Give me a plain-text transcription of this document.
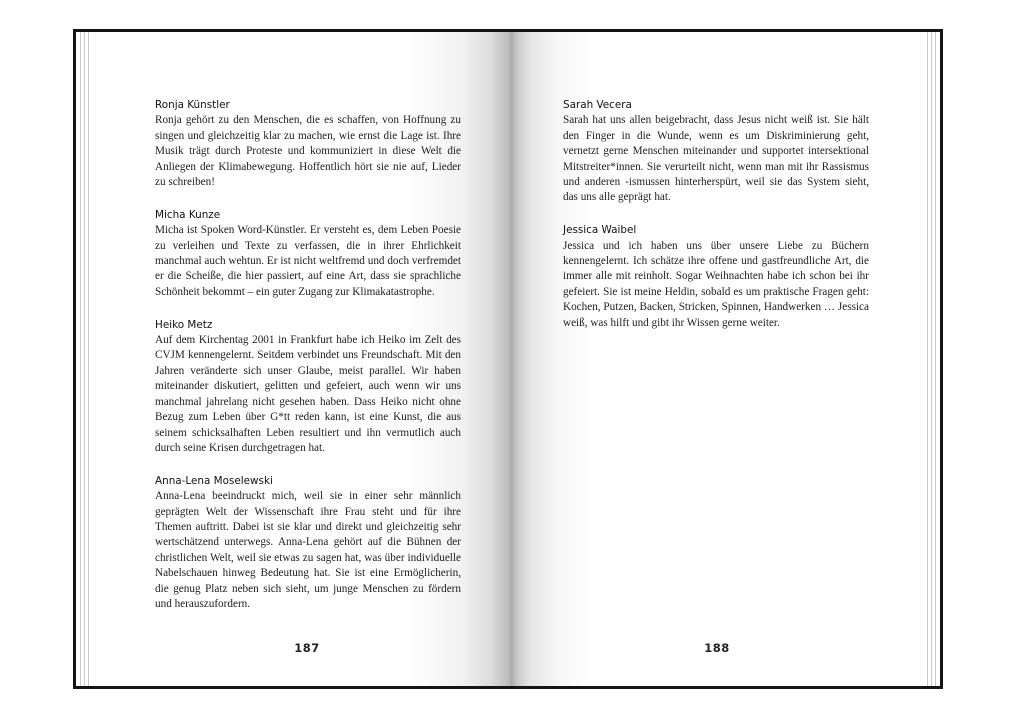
Ronja Künstler

Ronja gehört zu den Menschen, die es schaffen, von Hoffnung zu singen und gleichzeitig klar zu machen, wie ernst die Lage ist. Ihre Musik trägt durch Proteste und kommuniziert in diese Welt die Anliegen der Klimabewegung. Hoffentlich hört sie nie auf, Lieder zu schreiben!

Micha Kunze

Micha ist Spoken Word-Künstler. Er versteht es, dem Leben Poesie zu verleihen und Texte zu verfassen, die in ihrer Ehrlichkeit manchmal auch wehtun. Er ist nicht weltfremd und doch verfremdet er die Scheiße, die hier passiert, auf eine Art, dass sie sprachliche Schönheit bekommt – ein guter Zugang zur Klimakatastrophe.

Heiko Metz

Auf dem Kirchentag 2001 in Frankfurt habe ich Heiko im Zelt des CVJM kennengelernt. Seitdem verbindet uns Freundschaft. Mit den Jahren veränderte sich unser Glaube, meist parallel. Wir haben miteinander diskutiert, gelitten und gefeiert, auch wenn wir uns manchmal jahrelang nicht gesehen haben. Dass Heiko nicht ohne Bezug zum Leben über G*tt reden kann, ist eine Kunst, die aus seinem schicksalhaften Leben resultiert und ihn vermutlich auch durch seine Krisen durchgetragen hat.

Anna-Lena Moselewski

Anna-Lena beeindruckt mich, weil sie in einer sehr männlich geprägten Welt der Wissenschaft ihre Frau steht und für ihre Themen auftritt. Dabei ist sie klar und direkt und gleichzeitig sehr wertschätzend unterwegs. Anna-Lena gehört auf die Bühnen der christlichen Welt, weil sie etwas zu sagen hat, was über individuelle Nabelschauen hinweg Bedeutung hat. Sie ist eine Ermöglicherin, die genug Platz neben sich sieht, um junge Menschen zu fördern und herauszufordern.

Sarah Vecera

Sarah hat uns allen beigebracht, dass Jesus nicht weiß ist. Sie hält den Finger in die Wunde, wenn es um Diskriminierung geht, vernetzt gerne Menschen miteinander und supportet intersektional Mitstreiter*innen. Sie verurteilt nicht, wenn man mit ihr Rassismus und anderen -ismussen hinterherspürt, weil sie das System sieht, das uns alle geprägt hat.

Jessica Waibel

Jessica und ich haben uns über unsere Liebe zu Büchern kennengelernt. Ich schätze ihre offene und gastfreundliche Art, die immer alle mit reinholt. Sogar Weihnachten habe ich schon bei ihr gefeiert. Sie ist meine Heldin, sobald es um praktische Fragen geht: Kochen, Putzen, Backen, Stricken, Spinnen, Handwerken … Jessica weiß, was hilft und gibt ihr Wissen gerne weiter.

187	188
